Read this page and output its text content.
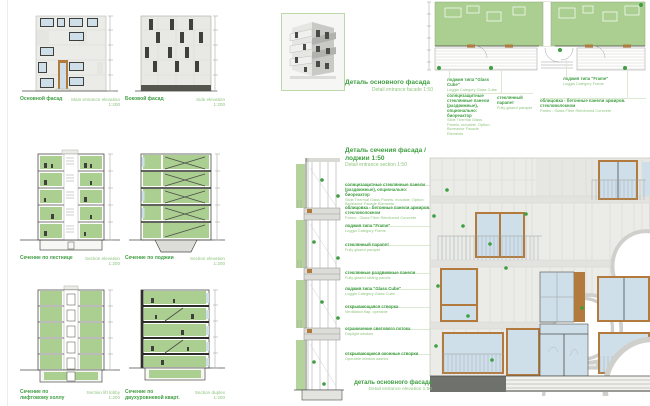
Основной фасад Main entrance elevation
1:200
Боковой фасад	Side elevation
1:200
Сечение по лестнице	Section elevation
1:200
Сечение по лоджии	Section elevation
1:200
Сечение по лифтовому холлу
Section lift lobby
1:200
Сечение по двухуровневой кварт.
Section duplex
1:200
Деталь основного фасада
Detail entrance facade 1:50
лоджия типа "Glass Cube"
Loggia Category Glass Cube
солнцезащитные стеклянные панели (раздвижные), опционально: биореактор
Slide Thermal Glass Panels, movable. Option: Bioreactor Facade Elements
стеклянный парапет
Fully glazed parapet
лоджия типа "Frame"
Loggia Category Frame
облицовка - бетонные панели армиров. стекловолокном
Panes - Glass Fibre Reinforced Concrete
Деталь сечения фасада / лоджии 1:50
Detail entrance section 1:50
солнцезащитные стеклянные панели (раздвижные), опционально: биореактор
Slide Thermal Glass Panels, movable. Option: Bioreactor Facade Elements
облицовка - бетонные панели армиров. стекловолокном
Panes - Glass Fibre Reinforced Concrete
лоджия типа "Frame"
Loggia Category Frame
стеклянный парапет
Fully glazed parapet
стеклянные раздвижные панели
Fully glazed sliding panels
лоджия типа "Glass Cube"
Loggia Category Glass Cube
открывающаяся створка
Ventilation flap, operable
ограничение светового потока
Daylight window
открывающиеся оконные створки
Operable window sashes
деталь основного фасада
Detail entrance elevation 1:50
